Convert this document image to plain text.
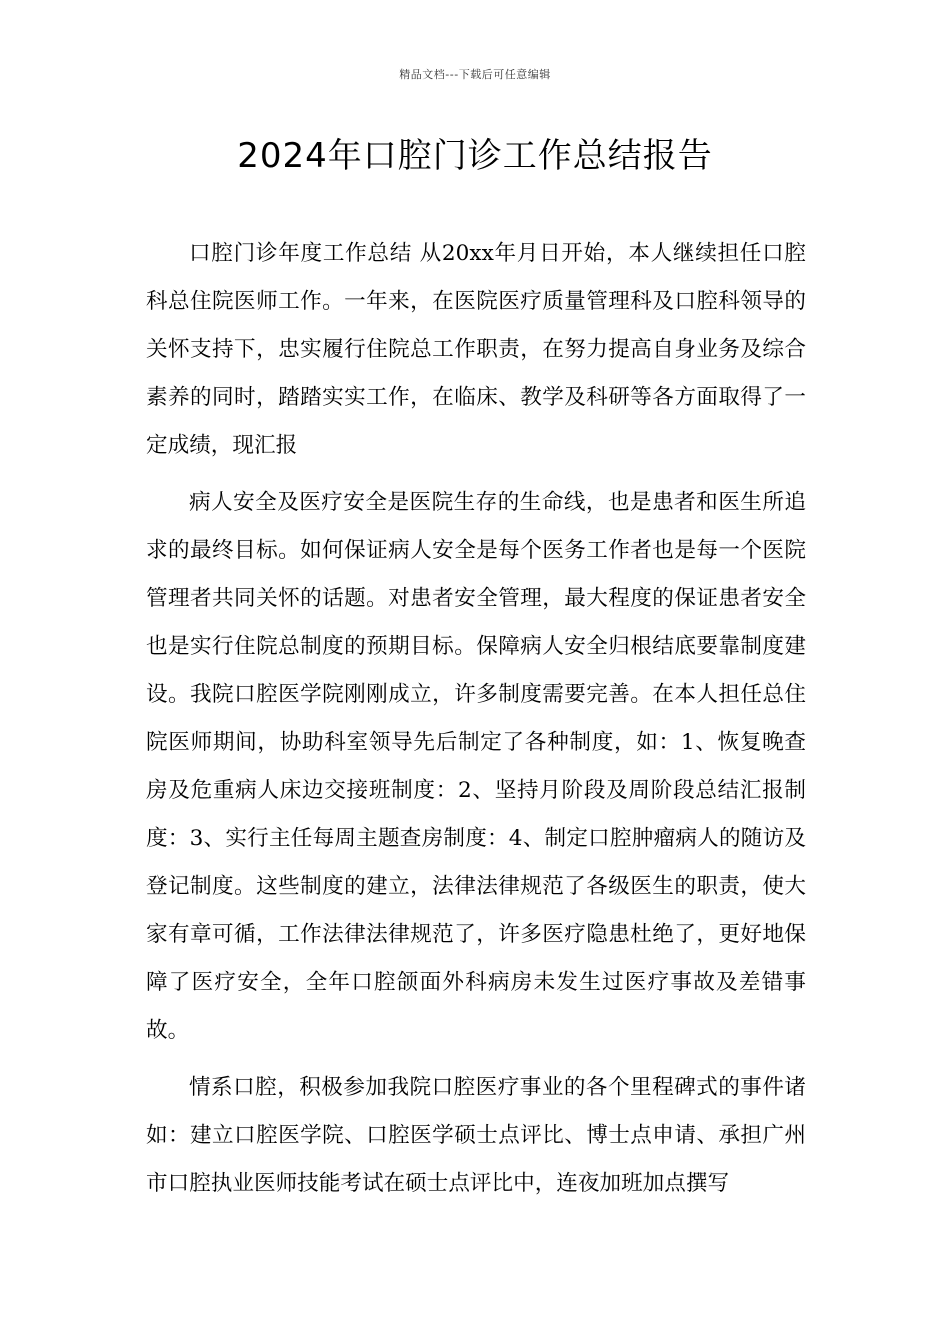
精品文档---下载后可任意编辑
2024年口腔门诊工作总结报告

口腔门诊年度工作总结 从20xx年月日开始，本人继续担任口腔科总住院医师工作。一年来，在医院医疗质量管理科及口腔科领导的关怀支持下，忠实履行住院总工作职责，在努力提高自身业务及综合素养的同时，踏踏实实工作，在临床、教学及科研等各方面取得了一定成绩，现汇报

病人安全及医疗安全是医院生存的生命线，也是患者和医生所追求的最终目标。如何保证病人安全是每个医务工作者也是每一个医院管理者共同关怀的话题。对患者安全管理，最大程度的保证患者安全也是实行住院总制度的预期目标。保障病人安全归根结底要靠制度建设。我院口腔医学院刚刚成立，许多制度需要完善。在本人担任总住院医师期间，协助科室领导先后制定了各种制度，如：1、恢复晚查房及危重病人床边交接班制度：2、坚持月阶段及周阶段总结汇报制度：3、实行主任每周主题查房制度：4、制定口腔肿瘤病人的随访及登记制度。这些制度的建立，法律法律规范了各级医生的职责，使大家有章可循，工作法律法律规范了，许多医疗隐患杜绝了，更好地保障了医疗安全，全年口腔颌面外科病房未发生过医疗事故及差错事故。

情系口腔，积极参加我院口腔医疗事业的各个里程碑式的事件诸如：建立口腔医学院、口腔医学硕士点评比、博士点申请、承担广州市口腔执业医师技能考试在硕士点评比中，连夜加班加点撰写
